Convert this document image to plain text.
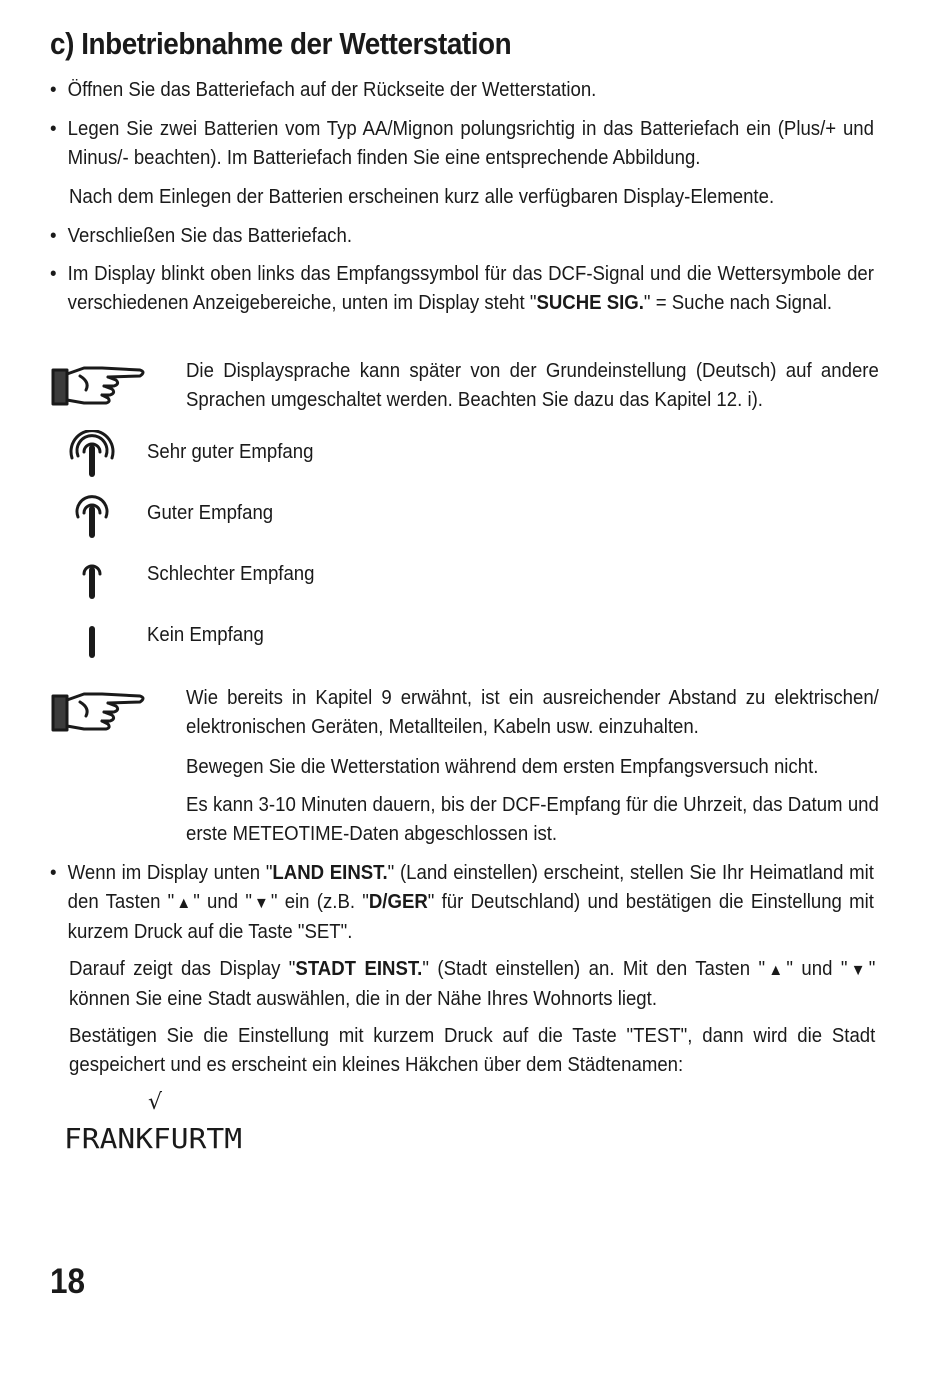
c) Inbetriebnahme der Wetterstation
• Öffnen Sie das Batteriefach auf der Rückseite der Wetterstation.
• Legen Sie zwei Batterien vom Typ AA/Mignon polungsrichtig in das Batteriefach ein (Plus/+ und Minus/- beachten). Im Batteriefach finden Sie eine entsprechende Abbildung.
Nach dem Einlegen der Batterien erscheinen kurz alle verfügbaren Display-Elemente.
• Verschließen Sie das Batteriefach.
• Im Display blinkt oben links das Empfangssymbol für das DCF-Signal und die Wettersymbole der verschiedenen Anzeigebereiche, unten im Display steht "SUCHE SIG." = Suche nach Signal.
Die Displaysprache kann später von der Grundeinstellung (Deutsch) auf andere Sprachen umgeschaltet werden. Beachten Sie dazu das Kapitel 12. i).
Sehr guter Empfang
Guter Empfang
Schlechter Empfang
Kein Empfang
Wie bereits in Kapitel 9 erwähnt, ist ein ausreichender Abstand zu elektrischen/ elektronischen Geräten, Metallteilen, Kabeln usw. einzuhalten.
Bewegen Sie die Wetterstation während dem ersten Empfangsversuch nicht.
Es kann 3-10 Minuten dauern, bis der DCF-Empfang für die Uhrzeit, das Datum und erste METEOTIME-Daten abgeschlossen ist.
• Wenn im Display unten "LAND EINST." (Land einstellen) erscheint, stellen Sie Ihr Heimatland mit den Tasten "▲" und "▼" ein (z.B. "D/GER" für Deutschland) und bestätigen die Einstellung mit kurzem Druck auf die Taste "SET".
Darauf zeigt das Display "STADT EINST." (Stadt einstellen) an. Mit den Tasten "▲" und "▼" können Sie eine Stadt auswählen, die in der Nähe Ihres Wohnorts liegt.
Bestätigen Sie die Einstellung mit kurzem Druck auf die Taste "TEST", dann wird die Stadt gespeichert und es erscheint ein kleines Häkchen über dem Städtenamen:
√
FRANKFURTM
18
